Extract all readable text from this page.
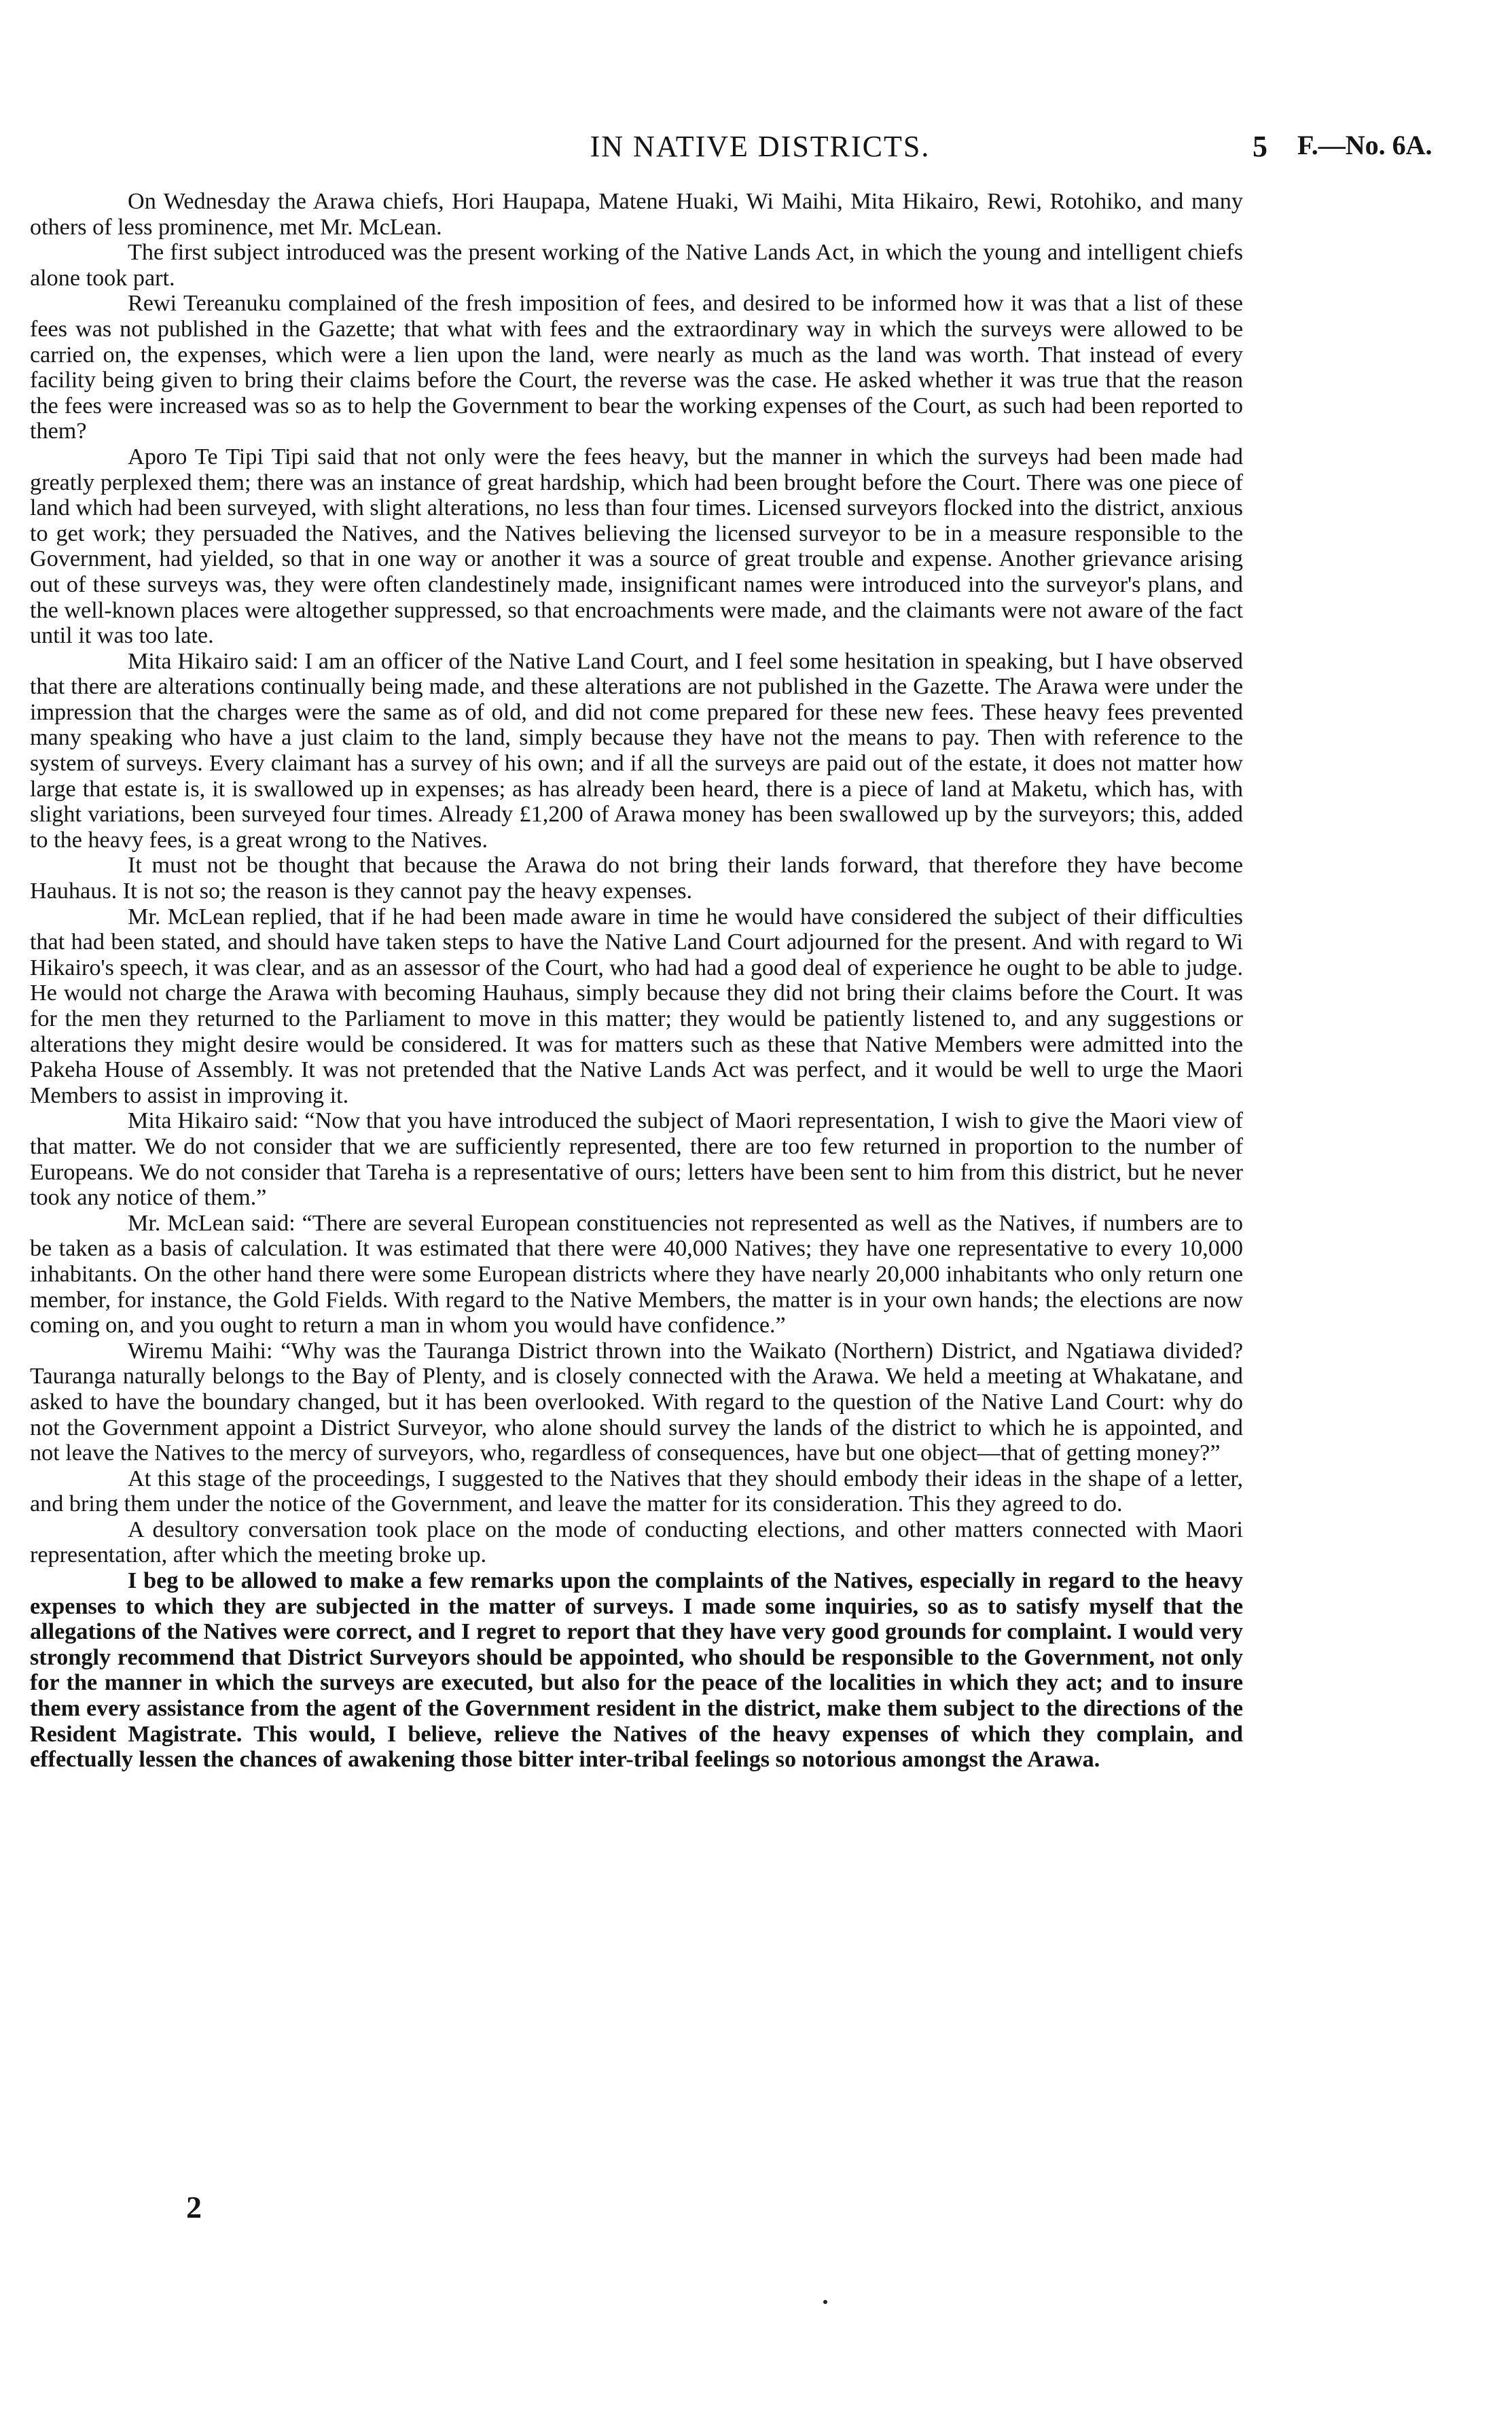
IN NATIVE DISTRICTS.	5 F.—No. 6A.

On Wednesday the Arawa chiefs, Hori Haupapa, Matene Huaki, Wi Maihi, Mita Hikairo, Rewi, Rotohiko, and many others of less prominence, met Mr. McLean.

The first subject introduced was the present working of the Native Lands Act, in which the young and intelligent chiefs alone took part.

Rewi Tereanuku complained of the fresh imposition of fees, and desired to be informed how it was that a list of these fees was not published in the Gazette; that what with fees and the extraordinary way in which the surveys were allowed to be carried on, the expenses, which were a lien upon the land, were nearly as much as the land was worth. That instead of every facility being given to bring their claims before the Court, the reverse was the case. He asked whether it was true that the reason the fees were increased was so as to help the Government to bear the working expenses of the Court, as such had been reported to them?

Aporo Te Tipi Tipi said that not only were the fees heavy, but the manner in which the surveys had been made had greatly perplexed them; there was an instance of great hardship, which had been brought before the Court. There was one piece of land which had been surveyed, with slight alterations, no less than four times. Licensed surveyors flocked into the district, anxious to get work; they persuaded the Natives, and the Natives believing the licensed surveyor to be in a measure responsible to the Government, had yielded, so that in one way or another it was a source of great trouble and expense. Another grievance arising out of these surveys was, they were often clandestinely made, insignificant names were introduced into the surveyor's plans, and the well-known places were altogether suppressed, so that encroachments were made, and the claimants were not aware of the fact until it was too late.

Mita Hikairo said: I am an officer of the Native Land Court, and I feel some hesitation in speaking, but I have observed that there are alterations continually being made, and these alterations are not published in the Gazette. The Arawa were under the impression that the charges were the same as of old, and did not come prepared for these new fees. These heavy fees prevented many speaking who have a just claim to the land, simply because they have not the means to pay. Then with reference to the system of surveys. Every claimant has a survey of his own; and if all the surveys are paid out of the estate, it does not matter how large that estate is, it is swallowed up in expenses; as has already been heard, there is a piece of land at Maketu, which has, with slight variations, been surveyed four times. Already £1,200 of Arawa money has been swallowed up by the surveyors; this, added to the heavy fees, is a great wrong to the Natives.

It must not be thought that because the Arawa do not bring their lands forward, that therefore they have become Hauhaus. It is not so; the reason is they cannot pay the heavy expenses.

Mr. McLean replied, that if he had been made aware in time he would have considered the subject of their difficulties that had been stated, and should have taken steps to have the Native Land Court adjourned for the present. And with regard to Wi Hikairo's speech, it was clear, and as an assessor of the Court, who had had a good deal of experience he ought to be able to judge. He would not charge the Arawa with becoming Hauhaus, simply because they did not bring their claims before the Court. It was for the men they returned to the Parliament to move in this matter; they would be patiently listened to, and any suggestions or alterations they might desire would be considered. It was for matters such as these that Native Members were admitted into the Pakeha House of Assembly. It was not pretended that the Native Lands Act was perfect, and it would be well to urge the Maori Members to assist in improving it.

Mita Hikairo said: “Now that you have introduced the subject of Maori representation, I wish to give the Maori view of that matter. We do not consider that we are sufficiently represented, there are too few returned in proportion to the number of Europeans. We do not consider that Tareha is a representative of ours; letters have been sent to him from this district, but he never took any notice of them.”

Mr. McLean said: “There are several European constituencies not represented as well as the Natives, if numbers are to be taken as a basis of calculation. It was estimated that there were 40,000 Natives; they have one representative to every 10,000 inhabitants. On the other hand there were some European districts where they have nearly 20,000 inhabitants who only return one member, for instance, the Gold Fields. With regard to the Native Members, the matter is in your own hands; the elections are now coming on, and you ought to return a man in whom you would have confidence.”

Wiremu Maihi: “Why was the Tauranga District thrown into the Waikato (Northern) District, and Ngatiawa divided? Tauranga naturally belongs to the Bay of Plenty, and is closely connected with the Arawa. We held a meeting at Whakatane, and asked to have the boundary changed, but it has been overlooked. With regard to the question of the Native Land Court: why do not the Government appoint a District Surveyor, who alone should survey the lands of the district to which he is appointed, and not leave the Natives to the mercy of surveyors, who, regardless of consequences, have but one object—that of getting money?”

At this stage of the proceedings, I suggested to the Natives that they should embody their ideas in the shape of a letter, and bring them under the notice of the Government, and leave the matter for its consideration. This they agreed to do.

A desultory conversation took place on the mode of conducting elections, and other matters connected with Maori representation, after which the meeting broke up.

I beg to be allowed to make a few remarks upon the complaints of the Natives, especially in regard to the heavy expenses to which they are subjected in the matter of surveys. I made some inquiries, so as to satisfy myself that the allegations of the Natives were correct, and I regret to report that they have very good grounds for complaint. I would very strongly recommend that District Surveyors should be appointed, who should be responsible to the Government, not only for the manner in which the surveys are executed, but also for the peace of the localities in which they act; and to insure them every assistance from the agent of the Government resident in the district, make them subject to the directions of the Resident Magistrate. This would, I believe, relieve the Natives of the heavy expenses of which they complain, and effectually lessen the chances of awakening those bitter inter-tribal feelings so notorious amongst the Arawa.

2
